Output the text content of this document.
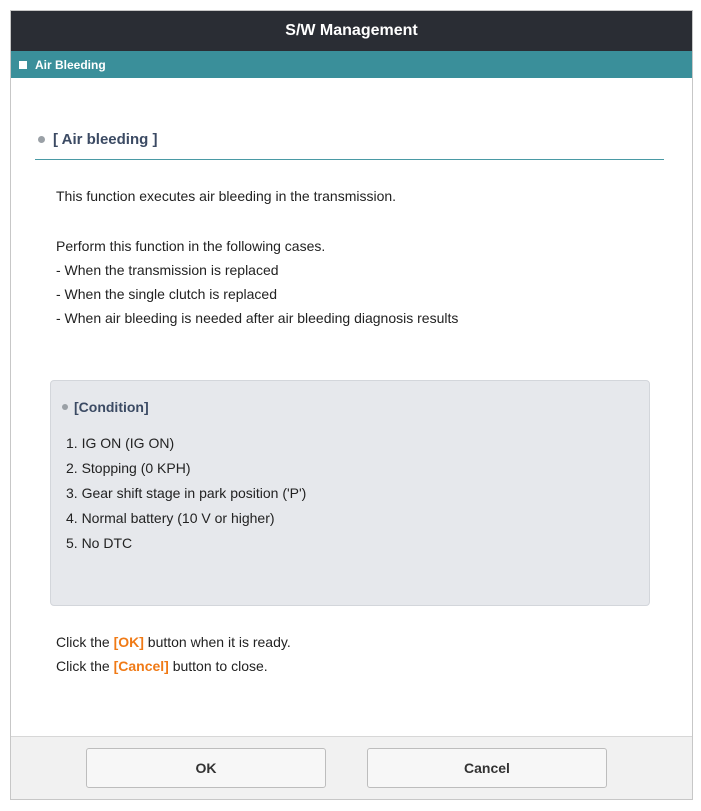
S/W Management
Air Bleeding
[ Air bleeding ]
This function executes air bleeding in the transmission.
Perform this function in the following cases.
- When the transmission is replaced
- When the single clutch is replaced
- When air bleeding is needed after air bleeding diagnosis results
[Condition]
1. IG ON (IG ON)
2. Stopping (0 KPH)
3. Gear shift stage in park position ('P')
4. Normal battery (10 V or higher)
5. No DTC
Click the [OK] button when it is ready.
Click the [Cancel] button to close.
OK	Cancel
